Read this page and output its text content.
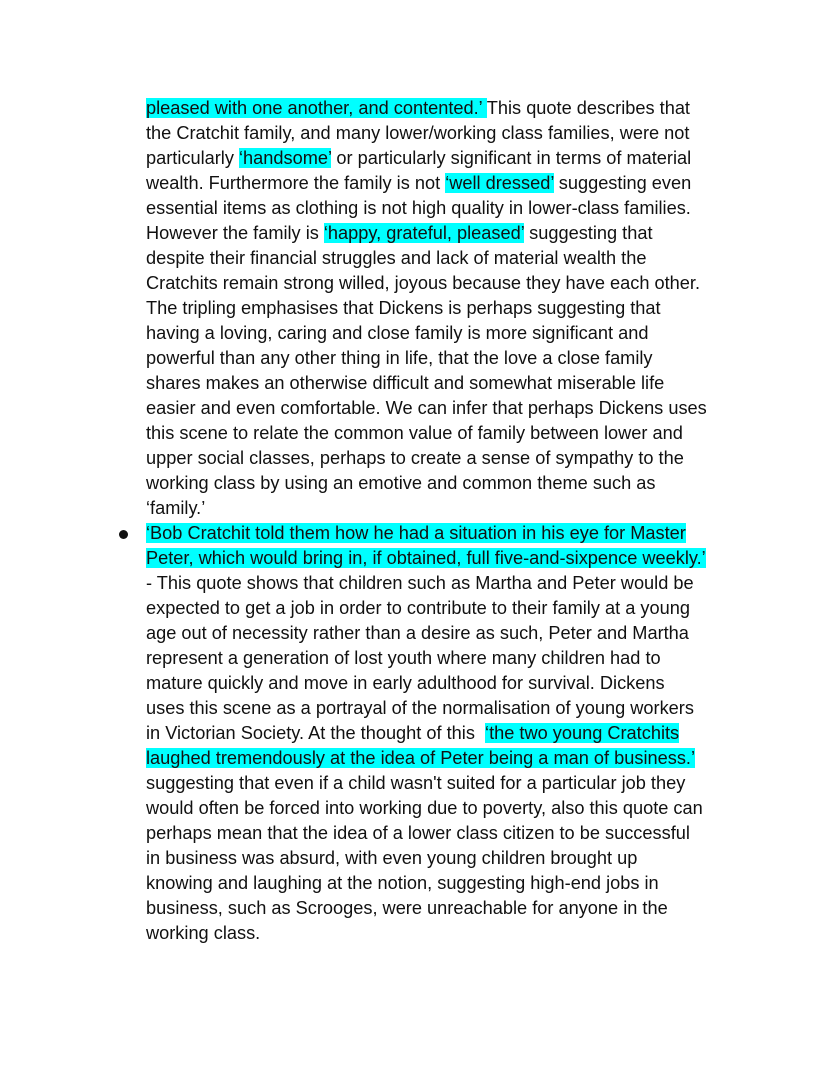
pleased with one another, and contented.’ This quote describes that
the Cratchit family, and many lower/working class families, were not
particularly ‘handsome’ or particularly significant in terms of material
wealth. Furthermore the family is not ‘well dressed’ suggesting even
essential items as clothing is not high quality in lower-class families.
However the family is ‘happy, grateful, pleased’ suggesting that
despite their financial struggles and lack of material wealth the
Cratchits remain strong willed, joyous because they have each other.
The tripling emphasises that Dickens is perhaps suggesting that
having a loving, caring and close family is more significant and
powerful than any other thing in life, that the love a close family
shares makes an otherwise difficult and somewhat miserable life
easier and even comfortable. We can infer that perhaps Dickens uses
this scene to relate the common value of family between lower and
upper social classes, perhaps to create a sense of sympathy to the
working class by using an emotive and common theme such as
‘family.’
‘Bob Cratchit told them how he had a situation in his eye for Master
Peter, which would bring in, if obtained, full five-and-sixpence weekly.’
- This quote shows that children such as Martha and Peter would be
expected to get a job in order to contribute to their family at a young
age out of necessity rather than a desire as such, Peter and Martha
represent a generation of lost youth where many children had to
mature quickly and move in early adulthood for survival. Dickens
uses this scene as a portrayal of the normalisation of young workers
in Victorian Society. At the thought of this  ‘the two young Cratchits
laughed tremendously at the idea of Peter being a man of business.’
suggesting that even if a child wasn't suited for a particular job they
would often be forced into working due to poverty, also this quote can
perhaps mean that the idea of a lower class citizen to be successful
in business was absurd, with even young children brought up
knowing and laughing at the notion, suggesting high-end jobs in
business, such as Scrooges, were unreachable for anyone in the
working class.
